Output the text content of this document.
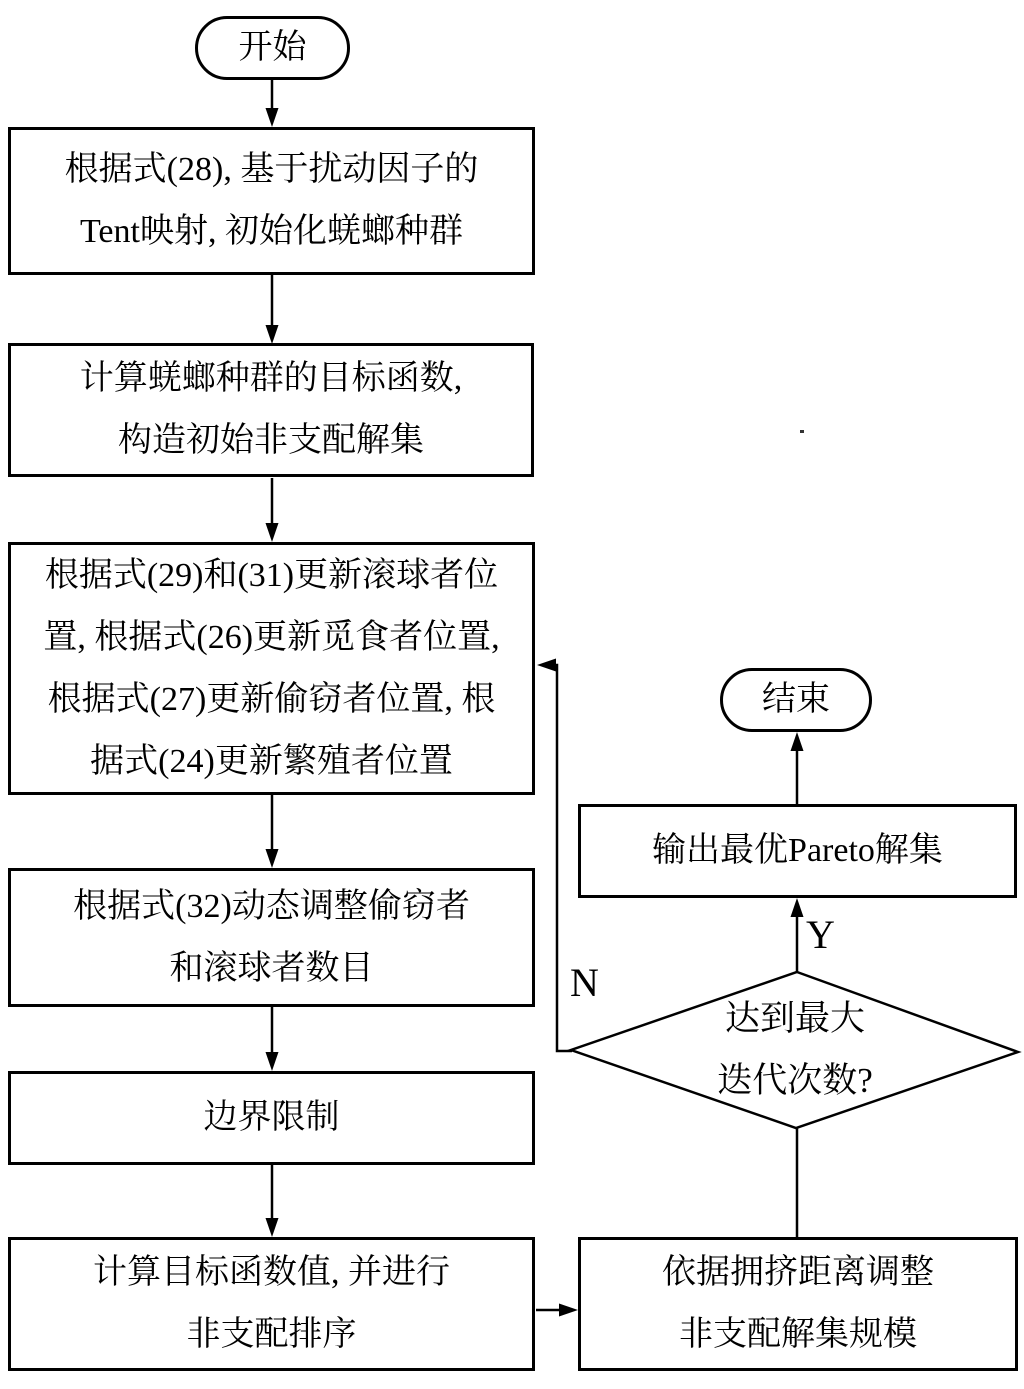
开始
根据式(28), 基于扰动因子的
Tent映射, 初始化蜣螂种群
计算蜣螂种群的目标函数,
构造初始非支配解集
根据式(29)和(31)更新滚球者位
置, 根据式(26)更新觅食者位置,
根据式(27)更新偷窃者位置, 根
据式(24)更新繁殖者位置
根据式(32)动态调整偷窃者
和滚球者数目
边界限制
计算目标函数值, 并进行
非支配排序
依据拥挤距离调整
非支配解集规模
达到最大
迭代次数?
输出最优Pareto解集
结束
N
Y
